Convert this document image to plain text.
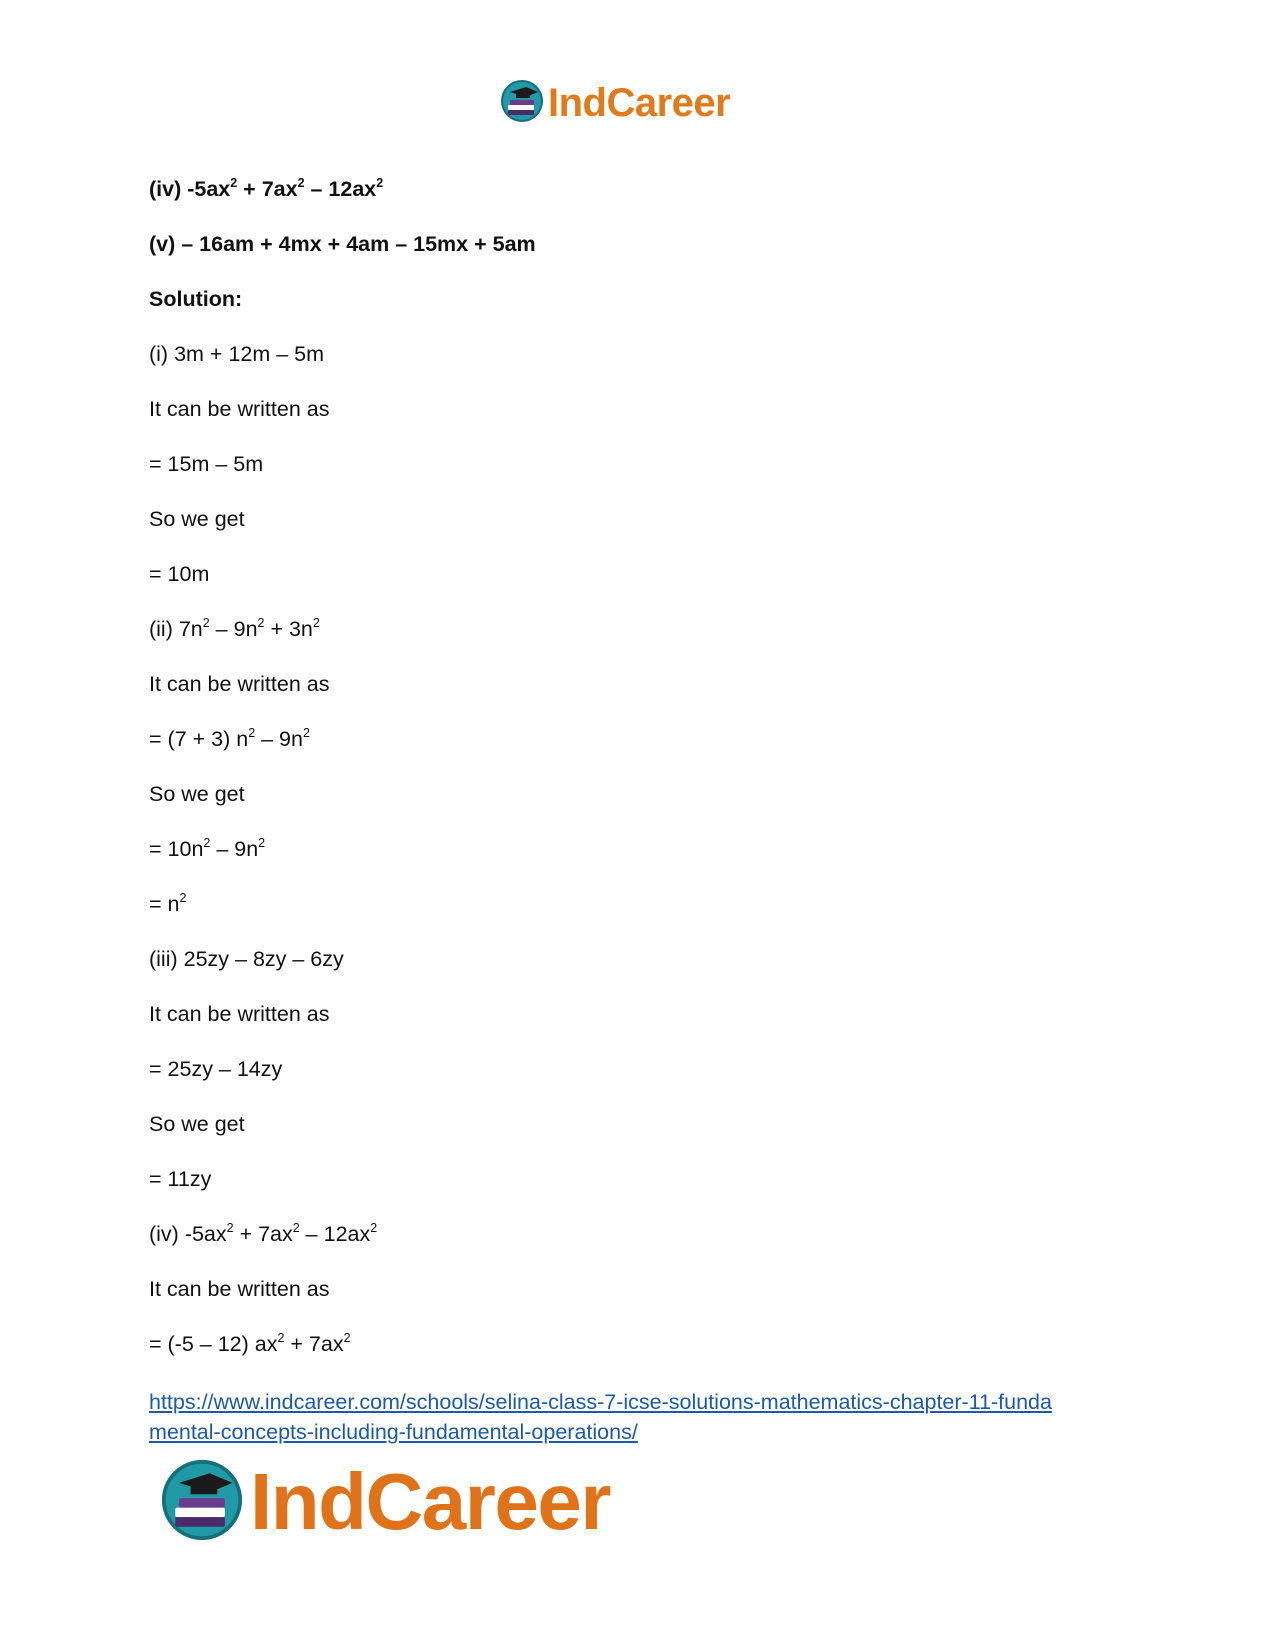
IndCareer
(iv) $-5ax^2 + 7ax^2 - 12ax^2$
(v) – 16am + 4mx + 4am – 15mx + 5am
Solution:
(i) 3m + 12m – 5m
It can be written as
= 15m – 5m
So we get
= 10m
(ii) $7n^2 - 9n^2 + 3n^2$
It can be written as
= (7 + 3) $n^2 - 9n^2$
So we get
= $10n^2 - 9n^2$
= $n^2$
(iii) 25zy – 8zy – 6zy
It can be written as
= 25zy – 14zy
So we get
= 11zy
(iv) $-5ax^2 + 7ax^2 - 12ax^2$
It can be written as
= (-5 – 12) $ax^2 + 7ax^2$
https://www.indcareer.com/schools/selina-class-7-icse-solutions-mathematics-chapter-11-funda
mental-concepts-including-fundamental-operations/
IndCareer
